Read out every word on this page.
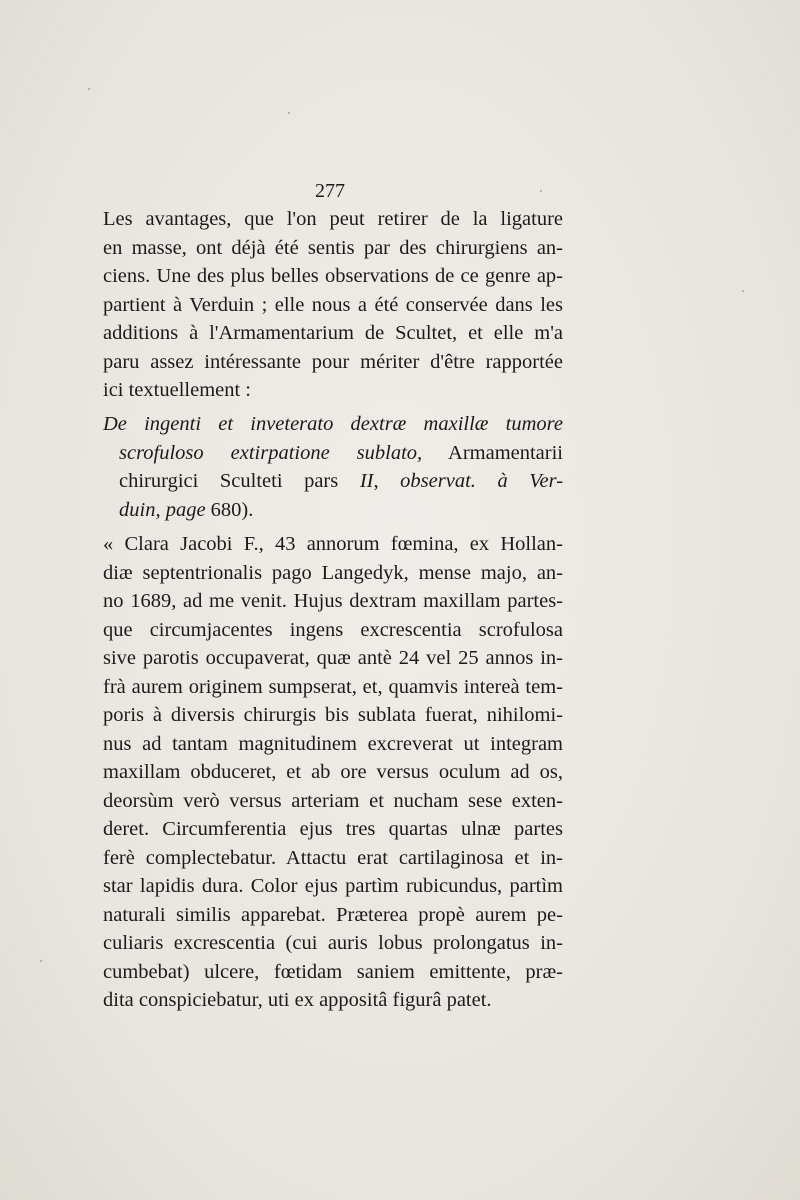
277
Les avantages, que l'on peut retirer de la ligature
en masse, ont déjà été sentis par des chirurgiens an-
ciens. Une des plus belles observations de ce genre ap-
partient à Verduin ; elle nous a été conservée dans les
additions à l'Armamentarium de Scultet, et elle m'a
paru assez intéressante pour mériter d'être rapportée
ici textuellement :
De ingenti et inveterato dextræ maxillæ tumore
scrofuloso extirpatione sublato, Armamentarii
chirurgici Sculteti pars II, observat. à Ver-
duin, page 680).
« Clara Jacobi F., 43 annorum fœmina, ex Hollan-
diæ septentrionalis pago Langedyk, mense majo, an-
no 1689, ad me venit. Hujus dextram maxillam partes-
que circumjacentes ingens excrescentia scrofulosa
sive parotis occupaverat, quæ antè 24 vel 25 annos in-
frà aurem originem sumpserat, et, quamvis intereà tem-
poris à diversis chirurgis bis sublata fuerat, nihilomi-
nus ad tantam magnitudinem excreverat ut integram
maxillam obduceret, et ab ore versus oculum ad os,
deorsùm verò versus arteriam et nucham sese exten-
deret. Circumferentia ejus tres quartas ulnæ partes
ferè complectebatur. Attactu erat cartilaginosa et in-
star lapidis dura. Color ejus partìm rubicundus, partìm
naturali similis apparebat. Præterea propè aurem pe-
culiaris excrescentia (cui auris lobus prolongatus in-
cumbebat) ulcere, fœtidam saniem emittente, præ-
dita conspiciebatur, uti ex appositâ figurâ patet.
